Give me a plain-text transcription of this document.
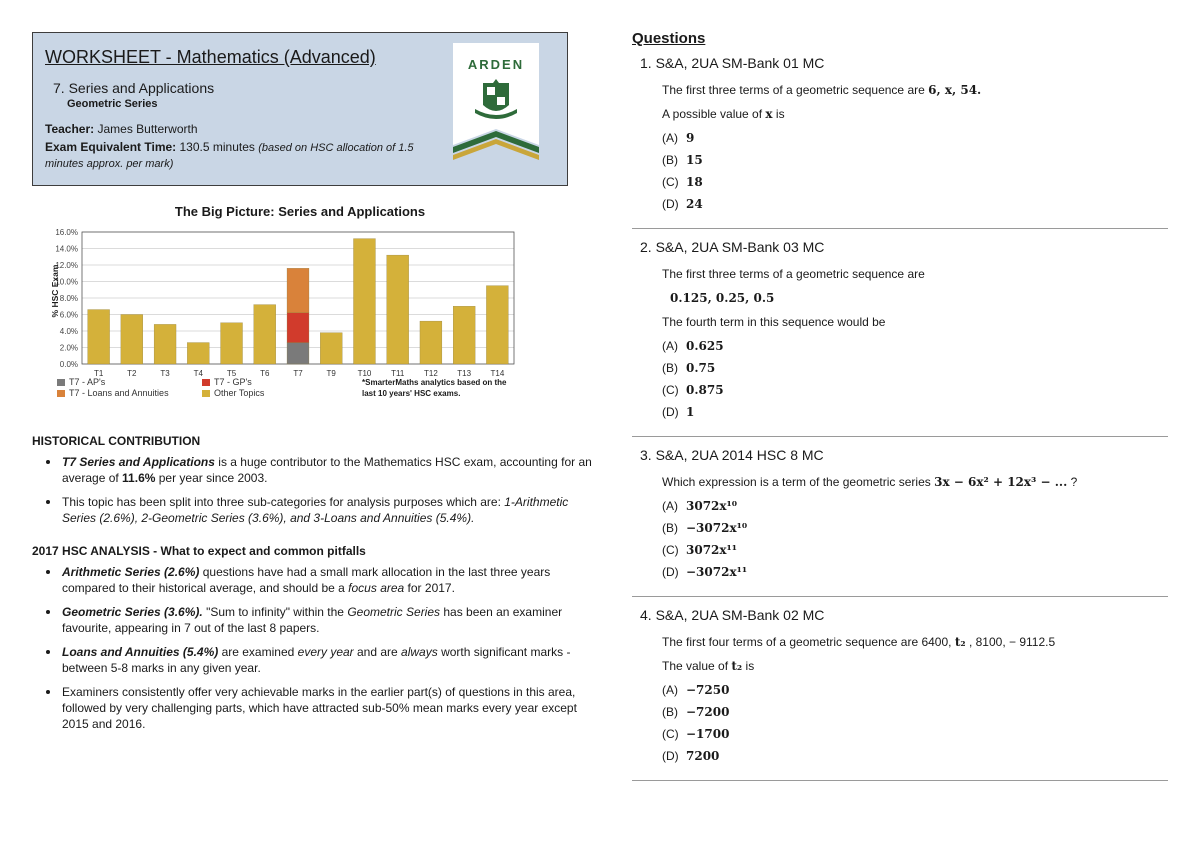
WORKSHEET - Mathematics (Advanced)
7. Series and Applications
Geometric Series
Teacher: James Butterworth
Exam Equivalent Time: 130.5 minutes (based on HSC allocation of 1.5 minutes approx. per mark)
ARDEN
0.0%
2.0%
4.0%
6.0%
8.0%
10.0%
12.0%
14.0%
16.0%
T1	T2	T3	T4	T5	T6	T7	T9	T10 T11 T12 T13 T14
The Big Picture: Series and Applications
% HSC Exam
T7 - AP's
T7 - Loans and Annuities
T7 - GP's
Other Topics
*SmarterMaths analytics based on the last 10 years' HSC exams.
HISTORICAL CONTRIBUTION
T7 Series and Applications is a huge contributor to the Mathematics HSC exam, accounting for an average of 11.6% per year since 2003.
This topic has been split into three sub-categories for analysis purposes which are: 1-Arithmetic Series (2.6%), 2-Geometric Series (3.6%), and 3-Loans and Annuities (5.4%).
2017 HSC ANALYSIS - What to expect and common pitfalls
Arithmetic Series (2.6%) questions have had a small mark allocation in the last three years compared to their historical average, and should be a focus area for 2017.
Geometric Series (3.6%). "Sum to infinity" within the Geometric Series has been an examiner favourite, appearing in 7 out of the last 8 papers.
Loans and Annuities (5.4%) are examined every year and are always worth significant marks - between 5-8 marks in any given year.
Examiners consistently offer very achievable marks in the earlier part(s) of questions in this area, followed by very challenging parts, which have attracted sub-50% mean marks every year except 2015 and 2016.
Questions
1. S&A, 2UA SM-Bank 01 MC
The first three terms of a geometric sequence are 6, x, 54.
A possible value of x is
(A) 9
(B) 15
(C) 18
(D) 24
2. S&A, 2UA SM-Bank 03 MC
The first three terms of a geometric sequence are
0.125, 0.25, 0.5
The fourth term in this sequence would be
(A) 0.625
(B) 0.75
(C) 0.875
(D) 1
3. S&A, 2UA 2014 HSC 8 MC
Which expression is a term of the geometric series 3x − 6x² + 12x³ − ... ?
(A) 3072x¹⁰
(B) −3072x¹⁰
(C) 3072x¹¹
(D) −3072x¹¹
4. S&A, 2UA SM-Bank 02 MC
The first four terms of a geometric sequence are 6400, t₂ , 8100, − 9112.5
The value of t₂ is
(A) −7250
(B) −7200
(C) −1700
(D) 7200
